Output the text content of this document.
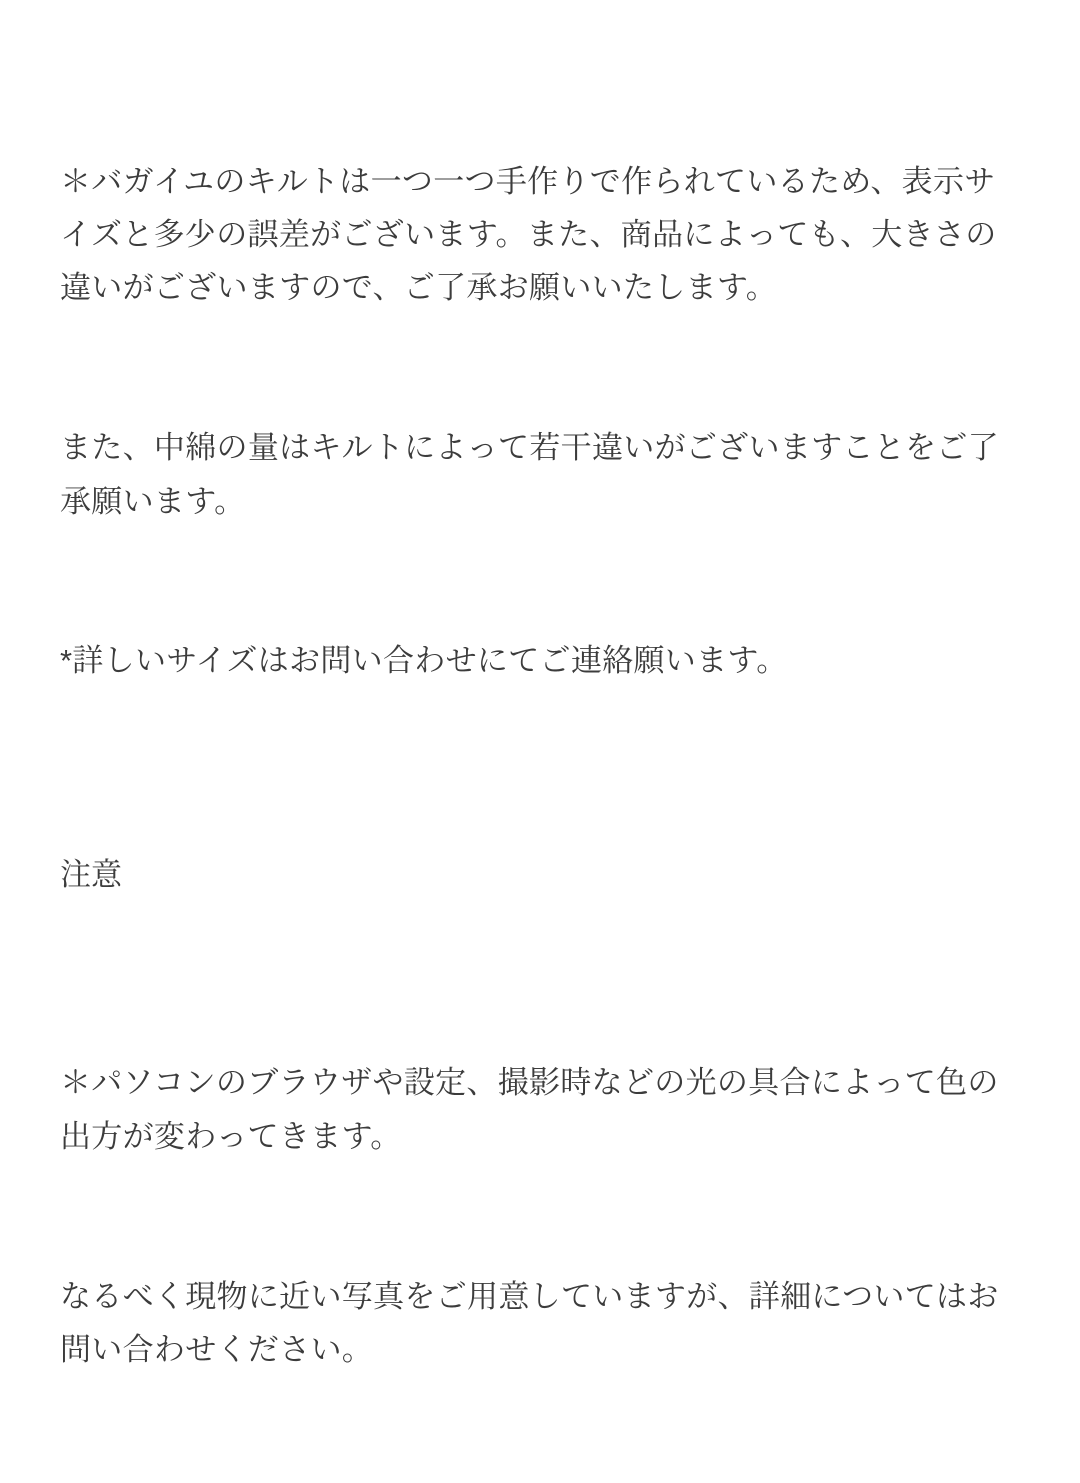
＊バガイユのキルトは一つ一つ手作りで作られているため、表示サイズと多少の誤差がございます。また、商品によっても、大きさの違いがございますので、ご了承お願いいたします。

また、中綿の量はキルトによって若干違いがございますことをご了承願います。

*詳しいサイズはお問い合わせにてご連絡願います。

注意

＊パソコンのブラウザや設定、撮影時などの光の具合によって色の出方が変わってきます。

なるべく現物に近い写真をご用意していますが、詳細についてはお問い合わせください。
